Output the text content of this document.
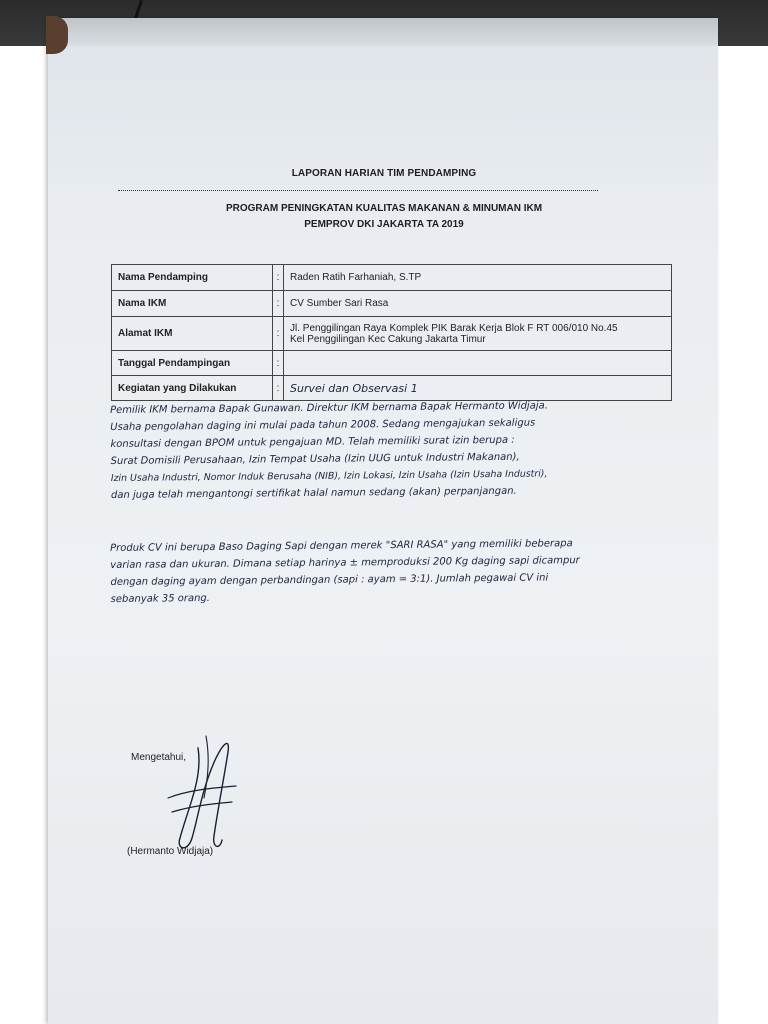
LAPORAN HARIAN TIM PENDAMPING
PROGRAM PENINGKATAN KUALITAS MAKANAN & MINUMAN IKM
PEMPROV DKI JAKARTA TA 2019
Nama Pendamping	:	Raden Ratih Farhaniah, S.TP
Nama IKM	:	CV Sumber Sari Rasa
Alamat IKM	:	Jl. Penggilingan Raya Komplek PIK Barak Kerja Blok F RT 006/010 No.45
Kel Penggilingan Kec Cakung Jakarta Timur

Tanggal Pendampingan	:	
Kegiatan yang Dilakukan	:	Survei dan Observasi 1
Pemilik IKM bernama Bapak Gunawan. Direktur IKM bernama Bapak Hermanto Widjaja.
Usaha pengolahan daging ini mulai pada tahun 2008. Sedang mengajukan sekaligus
konsultasi dengan BPOM untuk pengajuan MD. Telah memiliki surat izin berupa :
Surat Domisili Perusahaan, Izin Tempat Usaha (Izin UUG untuk Industri Makanan),
Izin Usaha Industri, Nomor Induk Berusaha (NIB), Izin Lokasi, Izin Usaha (Izin Usaha Industri),
dan juga telah mengantongi sertifikat halal namun sedang (akan) perpanjangan.
Produk CV ini berupa Baso Daging Sapi dengan merek "SARI RASA" yang memiliki beberapa
varian rasa dan ukuran. Dimana setiap harinya ± memproduksi 200 Kg daging sapi dicampur
dengan daging ayam dengan perbandingan (sapi : ayam = 3:1). Jumlah pegawai CV ini
sebanyak 35 orang.
Mengetahui,
(Hermanto Widjaja)
